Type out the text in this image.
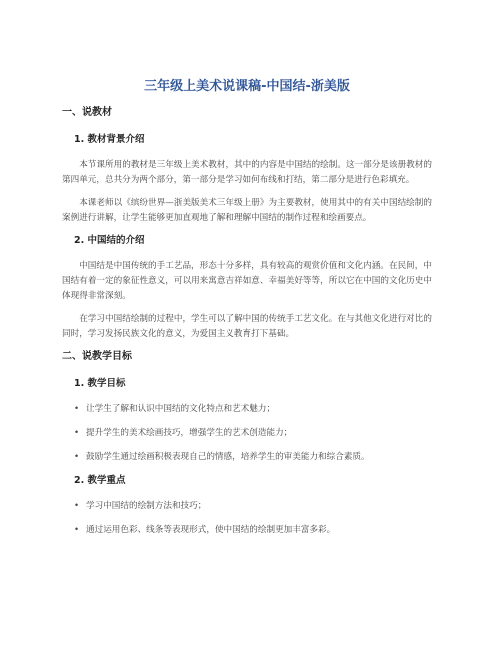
三年级上美术说课稿-中国结-浙美版
一、说教材
1. 教材背景介绍

本节课所用的教材是三年级上美术教材，其中的内容是中国结的绘制。这一部分是该册教材的第四单元，总共分为两个部分，第一部分是学习如何布线和打结，第二部分是进行色彩填充。

本课老师以《缤纷世界—浙美版美术三年级上册》为主要教材，使用其中的有关中国结绘制的案例进行讲解，让学生能够更加直观地了解和理解中国结的制作过程和绘画要点。

2. 中国结的介绍

中国结是中国传统的手工艺品，形态十分多样，具有较高的观赏价值和文化内涵。在民间，中国结有着一定的象征性意义，可以用来寓意吉祥如意、幸福美好等等，所以它在中国的文化历史中体现得非常深刻。

在学习中国结绘制的过程中，学生可以了解中国的传统手工艺文化。在与其他文化进行对比的同时，学习发扬民族文化的意义，为爱国主义教育打下基础。

二、说教学目标
1. 教学目标
• 让学生了解和认识中国结的文化特点和艺术魅力；
• 提升学生的美术绘画技巧，增强学生的艺术创造能力；
• 鼓励学生通过绘画积极表现自己的情感，培养学生的审美能力和综合素质。
2. 教学重点
• 学习中国结的绘制方法和技巧；
• 通过运用色彩、线条等表现形式，使中国结的绘制更加丰富多彩。
